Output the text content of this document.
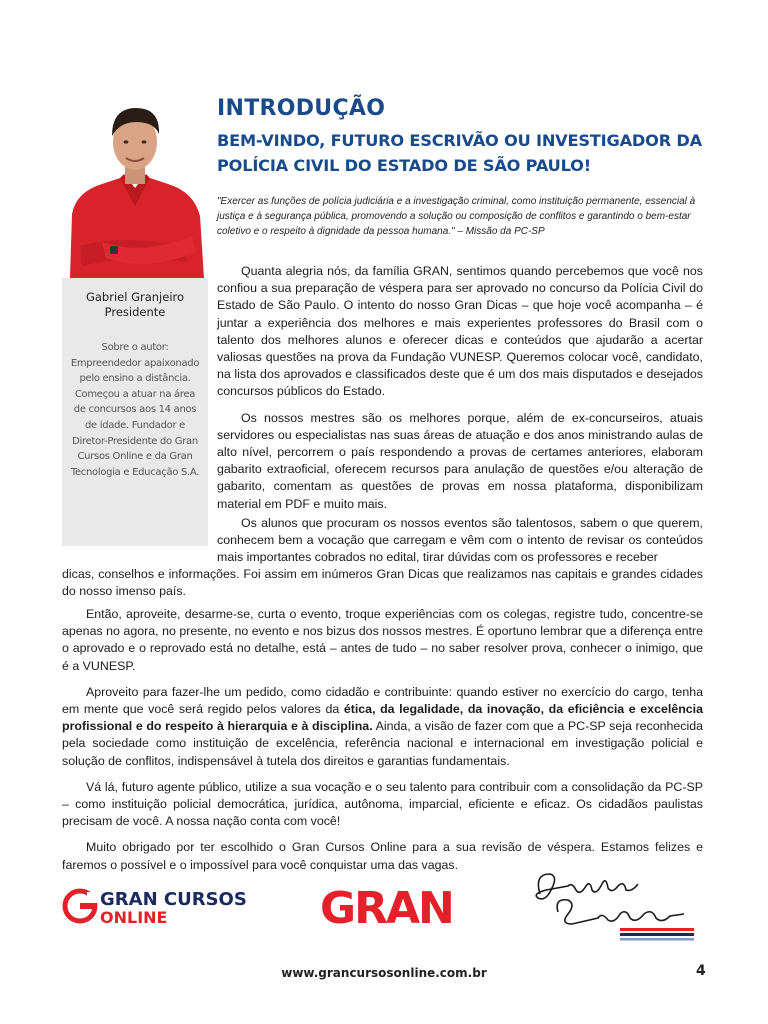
Gabriel Granjeiro
Presidente
Sobre o autor: Empreendedor apaixonado pelo ensino a distância. Começou a atuar na área de concursos aos 14 anos de idade. Fundador e Diretor-Presidente do Gran Cursos Online e da Gran Tecnologia e Educação S.A.
INTRODUÇÃO
BEM-VINDO, FUTURO ESCRIVÃO OU INVESTIGADOR DA POLÍCIA CIVIL DO ESTADO DE SÃO PAULO!
"Exercer as funções de polícia judiciária e a investigação criminal, como instituição permanente, essencial à justiça e à segurança pública, promovendo a solução ou composição de conflitos e garantindo o bem-estar coletivo e o respeito à dignidade da pessoa humana." – Missão da PC-SP

Quanta alegria nós, da família GRAN, sentimos quando percebemos que você nos confiou a sua preparação de véspera para ser aprovado no concurso da Polícia Civil do Estado de São Paulo. O intento do nosso Gran Dicas – que hoje você acompanha – é juntar a experiência dos melhores e mais experientes professores do Brasil com o talento dos melhores alunos e oferecer dicas e conteúdos que ajudarão a acertar valiosas questões na prova da Fundação VUNESP. Queremos colocar você, candidato, na lista dos aprovados e classificados deste que é um dos mais disputados e desejados concursos públicos do Estado.

Os nossos mestres são os melhores porque, além de ex-concurseiros, atuais servidores ou especialistas nas suas áreas de atuação e dos anos ministrando aulas de alto nível, percorrem o país respondendo a provas de certames anteriores, elaboram gabarito extraoficial, oferecem recursos para anulação de questões e/ou alteração de gabarito, comentam as questões de provas em nossa plataforma, disponibilizam material em PDF e muito mais.

Os alunos que procuram os nossos eventos são talentosos, sabem o que querem, conhecem bem a vocação que carregam e vêm com o intento de revisar os conteúdos mais importantes cobrados no edital, tirar dúvidas com os professores e receber

dicas, conselhos e informações. Foi assim em inúmeros Gran Dicas que realizamos nas capitais e grandes cidades do nosso imenso país.

Então, aproveite, desarme-se, curta o evento, troque experiências com os colegas, registre tudo, concentre-se apenas no agora, no presente, no evento e nos bizus dos nossos mestres. É oportuno lembrar que a diferença entre o aprovado e o reprovado está no detalhe, está – antes de tudo – no saber resolver prova, conhecer o inimigo, que é a VUNESP.

Aproveito para fazer-lhe um pedido, como cidadão e contribuinte: quando estiver no exercício do cargo, tenha em mente que você será regido pelos valores da ética, da legalidade, da inovação, da eficiência e excelência profissional e do respeito à hierarquia e à disciplina. Ainda, a visão de fazer com que a PC-SP seja reconhecida pela sociedade como instituição de excelência, referência nacional e internacional em investigação policial e solução de conflitos, indispensável à tutela dos direitos e garantias fundamentais.

Vá lá, futuro agente público, utilize a sua vocação e o seu talento para contribuir com a consolidação da PC-SP – como instituição policial democrática, jurídica, autônoma, imparcial, eficiente e eficaz. Os cidadãos paulistas precisam de você. A nossa nação conta com você!

Muito obrigado por ter escolhido o Gran Cursos Online para a sua revisão de véspera. Estamos felizes e faremos o possível e o impossível para você conquistar uma das vagas.

GRAN CURSOS
ONLINE	GRAN
www.grancursosonline.com.br	4
